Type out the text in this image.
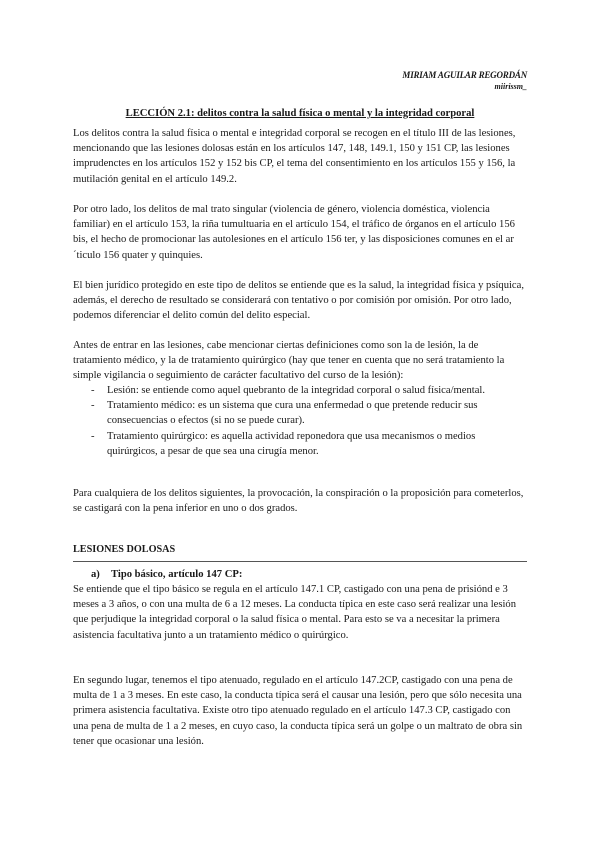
MIRIAM AGUILAR REGORDÁN
miirissm_
LECCIÓN 2.1: delitos contra la salud física o mental y la integridad corporal

Los delitos contra la salud física o mental e integridad corporal se recogen en el título III de las lesiones, mencionando que las lesiones dolosas están en los artículos 147, 148, 149.1, 150 y 151 CP, las lesiones imprudenctes en los artículos 152 y 152 bis CP, el tema del consentimiento en los artículos 155 y 156, la mutilación genital en el artículo 149.2.

Por otro lado, los delitos de mal trato singular (violencia de género, violencia doméstica, violencia familiar) en el artículo 153, la riña tumultuaria en el artículo 154, el tráfico de órganos en el artículo 156 bis, el hecho de promocionar las autolesiones en el artículo 156 ter, y las disposiciones comunes en el ar´ticulo 156 quater y quinquies.

El bien jurídico protegido en este tipo de delitos se entiende que es la salud, la integridad física y psíquica, además, el derecho de resultado se considerará con tentativo o por comisión por omisión. Por otro lado, podemos diferenciar el delito común del delito especial.

Antes de entrar en las lesiones, cabe mencionar ciertas definiciones como son la de lesión, la de tratamiento médico, y la de tratamiento quirúrgico (hay que tener en cuenta que no será tratamiento la simple vigilancia o seguimiento de carácter facultativo del curso de la lesión):

- Lesión: se entiende como aquel quebranto de la integridad corporal o salud física/mental.
- Tratamiento médico: es un sistema que cura una enfermedad o que pretende reducir sus consecuencias o efectos (si no se puede curar).
- Tratamiento quirúrgico: es aquella actividad reponedora que usa mecanismos o medios quirúrgicos, a pesar de que sea una cirugía menor.

Para cualquiera de los delitos siguientes, la provocación, la conspiración o la proposición para cometerlos, se castigará con la pena inferior en uno o dos grados.

LESIONES DOLOSAS
a) Tipo básico, artículo 147 CP:

Se entiende que el tipo básico se regula en el artículo 147.1 CP, castigado con una pena de prisiónd e 3 meses a 3 años, o con una multa de 6 a 12 meses. La conducta típica en este caso será realizar una lesión que perjudique la integridad corporal o la salud física o mental. Para esto se va a necesitar la primera asistencia facultativa junto a un tratamiento médico o quirúrgico.

En segundo lugar, tenemos el tipo atenuado, regulado en el artículo 147.2CP, castigado con una pena de multa de 1 a 3 meses. En este caso, la conducta típica será el causar una lesión, pero que sólo necesita una primera asistencia facultativa. Existe otro tipo atenuado regulado en el artículo 147.3 CP, castigado con una pena de multa de 1 a 2 meses, en cuyo caso, la conducta típica será un golpe o un maltrato de obra sin tener que ocasionar una lesión.
